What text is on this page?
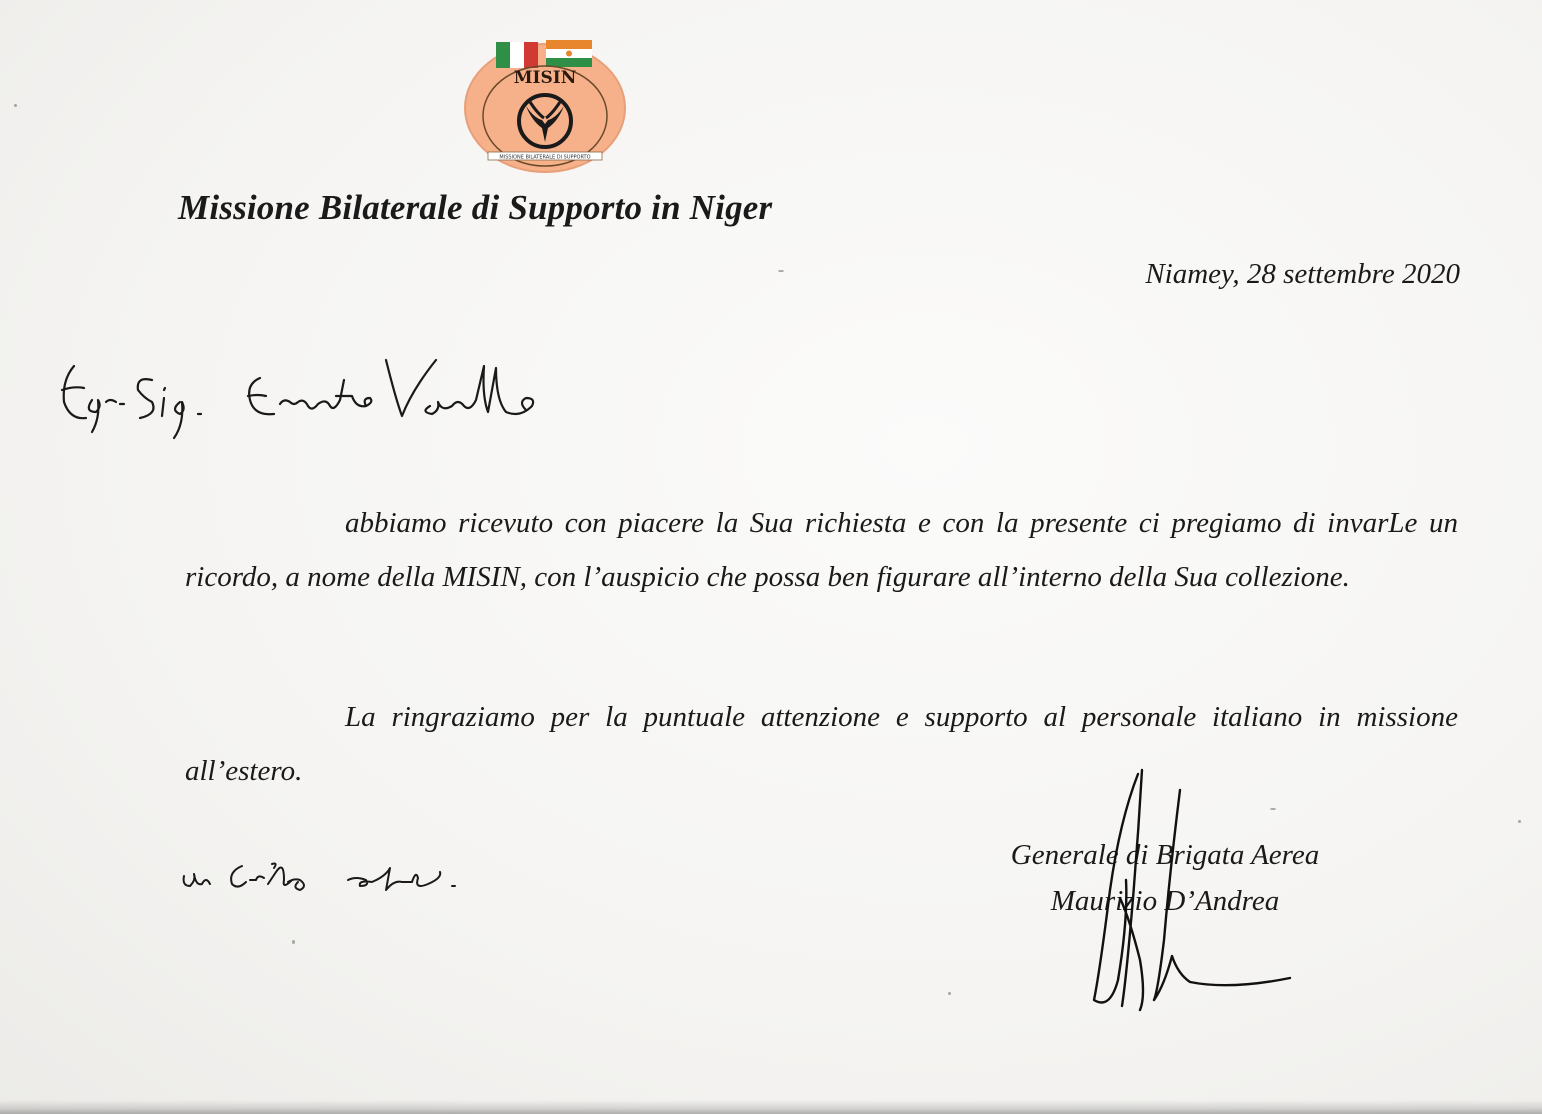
MISIN
MISSIONE BILATERALE DI SUPPORTO
Missione Bilaterale di Supporto in Niger
Niamey, 28 settembre 2020
Egr. Sig. Ernesto Vanello

abbiamo ricevuto con piacere la Sua richiesta e con la presente ci pregiamo di invarLe un ricordo, a nome della MISIN, con l’auspicio che possa ben figurare all’interno della Sua collezione.

La ringraziamo per la puntuale attenzione e supporto al personale italiano in missione all’estero.

un cordiale saluto.	Generale di Brigata Aerea
Maurizio D’Andrea
